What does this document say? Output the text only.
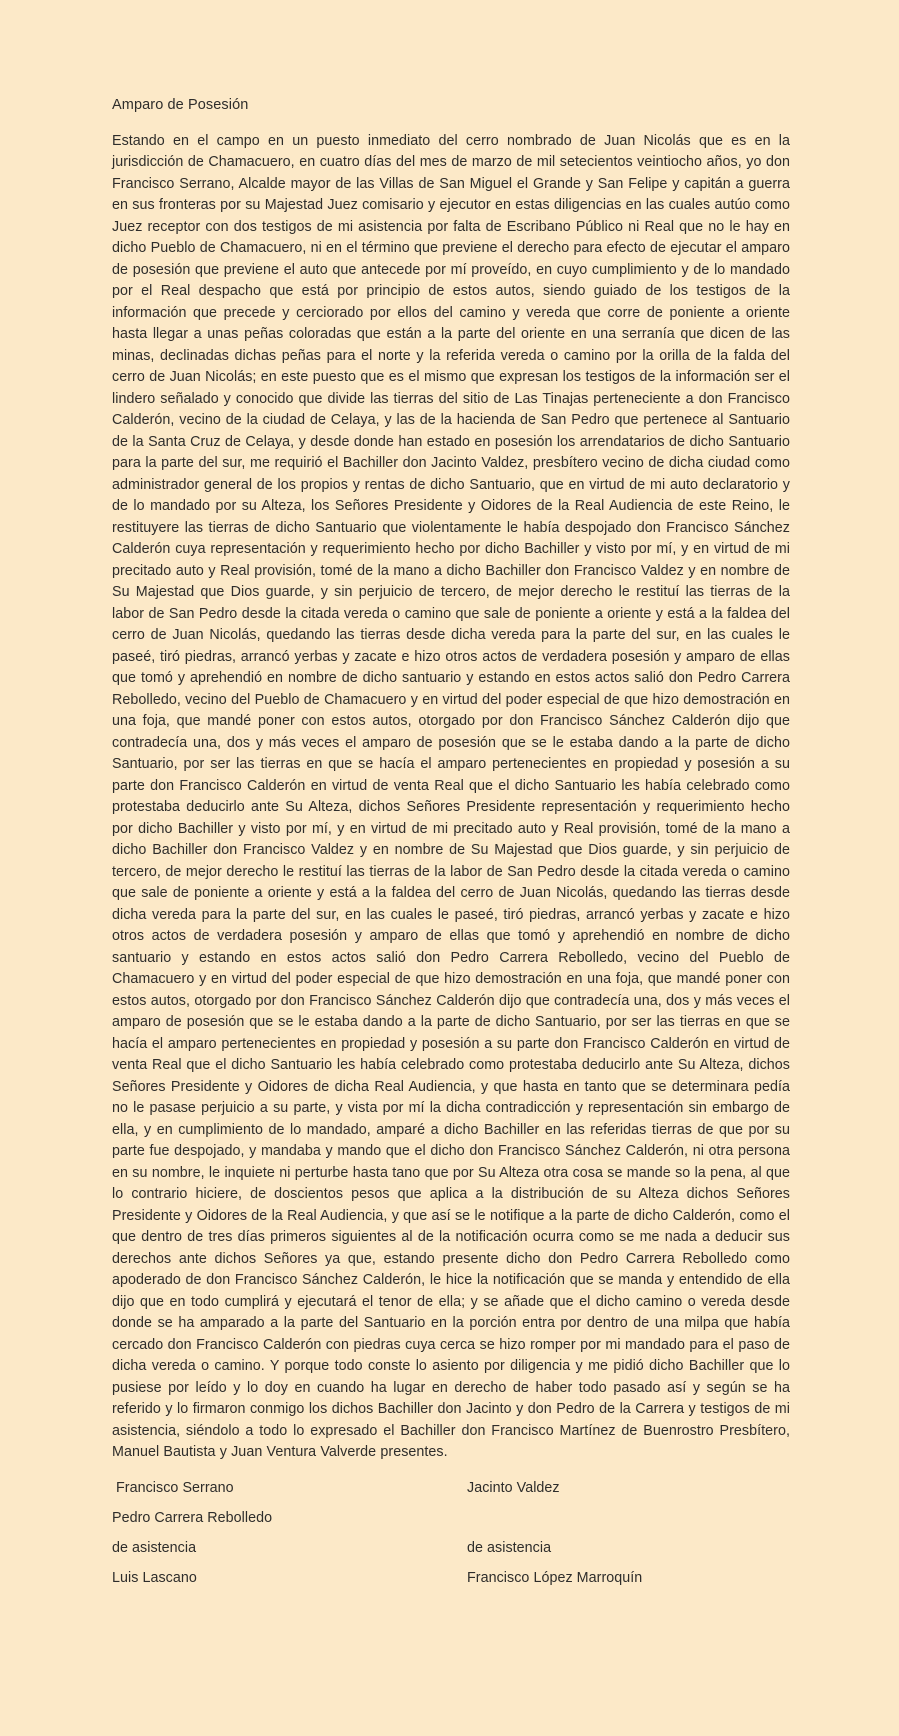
Amparo de Posesión

Estando en el campo en un puesto inmediato del cerro nombrado de Juan Nicolás que es en la jurisdicción de Chamacuero, en cuatro días del mes de marzo de mil setecientos veintiocho años, yo don Francisco Serrano, Alcalde mayor de las Villas de San Miguel el Grande y San Felipe y capitán a guerra en sus fronteras por su Majestad Juez comisario y ejecutor en estas diligencias en las cuales autúo como Juez receptor con dos testigos de mi asistencia por falta de Escribano Público ni Real que no le hay en dicho Pueblo de Chamacuero, ni en el término que previene el derecho para efecto de ejecutar el amparo de posesión que previene el auto que antecede por mí proveído, en cuyo cumplimiento y de lo mandado por el Real despacho que está por principio de estos autos, siendo guiado de los testigos de la información que precede y cerciorado por ellos del camino y vereda que corre de poniente a oriente hasta llegar a unas peñas coloradas que están a la parte del oriente en una serranía que dicen de las minas, declinadas dichas peñas para el norte y la referida vereda o camino por la orilla de la falda del cerro de Juan Nicolás; en este puesto que es el mismo que expresan los testigos de la información ser el lindero señalado y conocido que divide las tierras del sitio de Las Tinajas perteneciente a don Francisco Calderón, vecino de la ciudad de Celaya, y las de la hacienda de San Pedro que pertenece al Santuario de la Santa Cruz de Celaya, y desde donde han estado en posesión los arrendatarios de dicho Santuario para la parte del sur, me requirió el Bachiller don Jacinto Valdez, presbítero vecino de dicha ciudad como administrador general de los propios y rentas de dicho Santuario, que en virtud de mi auto declaratorio y de lo mandado por su Alteza, los Señores Presidente y Oidores de la Real Audiencia de este Reino, le restituyere las tierras de dicho Santuario que violentamente le había despojado don Francisco Sánchez Calderón cuya representación y requerimiento hecho por dicho Bachiller y visto por mí, y en virtud de mi precitado auto y Real provisión, tomé de la mano a dicho Bachiller don Francisco Valdez y en nombre de Su Majestad que Dios guarde, y sin perjuicio de tercero, de mejor derecho le restituí las tierras de la labor de San Pedro desde la citada vereda o camino que sale de poniente a oriente y está a la faldea del cerro de Juan Nicolás, quedando las tierras desde dicha vereda para la parte del sur, en las cuales le paseé, tiró piedras, arrancó yerbas y zacate e hizo otros actos de verdadera posesión y amparo de ellas que tomó y aprehendió en nombre de dicho santuario y estando en estos actos salió don Pedro Carrera Rebolledo, vecino del Pueblo de Chamacuero y en virtud del poder especial de que hizo demostración en una foja, que mandé poner con estos autos, otorgado por don Francisco Sánchez Calderón dijo que contradecía una, dos y más veces el amparo de posesión que se le estaba dando a la parte de dicho Santuario, por ser las tierras en que se hacía el amparo pertenecientes en propiedad y posesión a su parte don Francisco Calderón en virtud de venta Real que el dicho Santuario les había celebrado como protestaba deducirlo ante Su Alteza, dichos Señores Presidente representación y requerimiento hecho por dicho Bachiller y visto por mí, y en virtud de mi precitado auto y Real provisión, tomé de la mano a dicho Bachiller don Francisco Valdez y en nombre de Su Majestad que Dios guarde, y sin perjuicio de tercero, de mejor derecho le restituí las tierras de la labor de San Pedro desde la citada vereda o camino que sale de poniente a oriente y está a la faldea del cerro de Juan Nicolás, quedando las tierras desde dicha vereda para la parte del sur, en las cuales le paseé, tiró piedras, arrancó yerbas y zacate e hizo otros actos de verdadera posesión y amparo de ellas que tomó y aprehendió en nombre de dicho santuario y estando en estos actos salió don Pedro Carrera Rebolledo, vecino del Pueblo de Chamacuero y en virtud del poder especial de que hizo demostración en una foja, que mandé poner con estos autos, otorgado por don Francisco Sánchez Calderón dijo que contradecía una, dos y más veces el amparo de posesión que se le estaba dando a la parte de dicho Santuario, por ser las tierras en que se hacía el amparo pertenecientes en propiedad y posesión a su parte don Francisco Calderón en virtud de venta Real que el dicho Santuario les había celebrado como protestaba deducirlo ante Su Alteza, dichos Señores Presidente y Oidores de dicha Real Audiencia, y que hasta en tanto que se determinara pedía no le pasase perjuicio a su parte, y vista por mí la dicha contradicción y representación sin embargo de ella, y en cumplimiento de lo mandado, amparé a dicho Bachiller en las referidas tierras de que por su parte fue despojado, y mandaba y mando que el dicho don Francisco Sánchez Calderón, ni otra persona en su nombre, le inquiete ni perturbe hasta tano que por Su Alteza otra cosa se mande so la pena, al que lo contrario hiciere, de doscientos pesos que aplica a la distribución de su Alteza dichos Señores Presidente y Oidores de la Real Audiencia, y que así se le notifique a la parte de dicho Calderón, como el que dentro de tres días primeros siguientes al de la notificación ocurra como se me nada a deducir sus derechos ante dichos Señores ya que, estando presente dicho don Pedro Carrera Rebolledo como apoderado de don Francisco Sánchez Calderón, le hice la notificación que se manda y entendido de ella dijo que en todo cumplirá y ejecutará el tenor de ella; y se añade que el dicho camino o vereda desde donde se ha amparado a la parte del Santuario en la porción entra por dentro de una milpa que había cercado don Francisco Calderón con piedras cuya cerca se hizo romper por mi mandado para el paso de dicha vereda o camino. Y porque todo conste lo asiento por diligencia y me pidió dicho Bachiller que lo pusiese por leído y lo doy en cuando ha lugar en derecho de haber todo pasado así y según se ha referido y lo firmaron conmigo los dichos Bachiller don Jacinto y don Pedro de la Carrera y testigos de mi asistencia, siéndolo a todo lo expresado el Bachiller don Francisco Martínez de Buenrostro Presbítero, Manuel Bautista y Juan Ventura Valverde presentes.

Francisco Serrano	Jacinto Valdez
Pedro Carrera Rebolledo
de asistencia	de asistencia
Luis Lascano	Francisco López Marroquín
